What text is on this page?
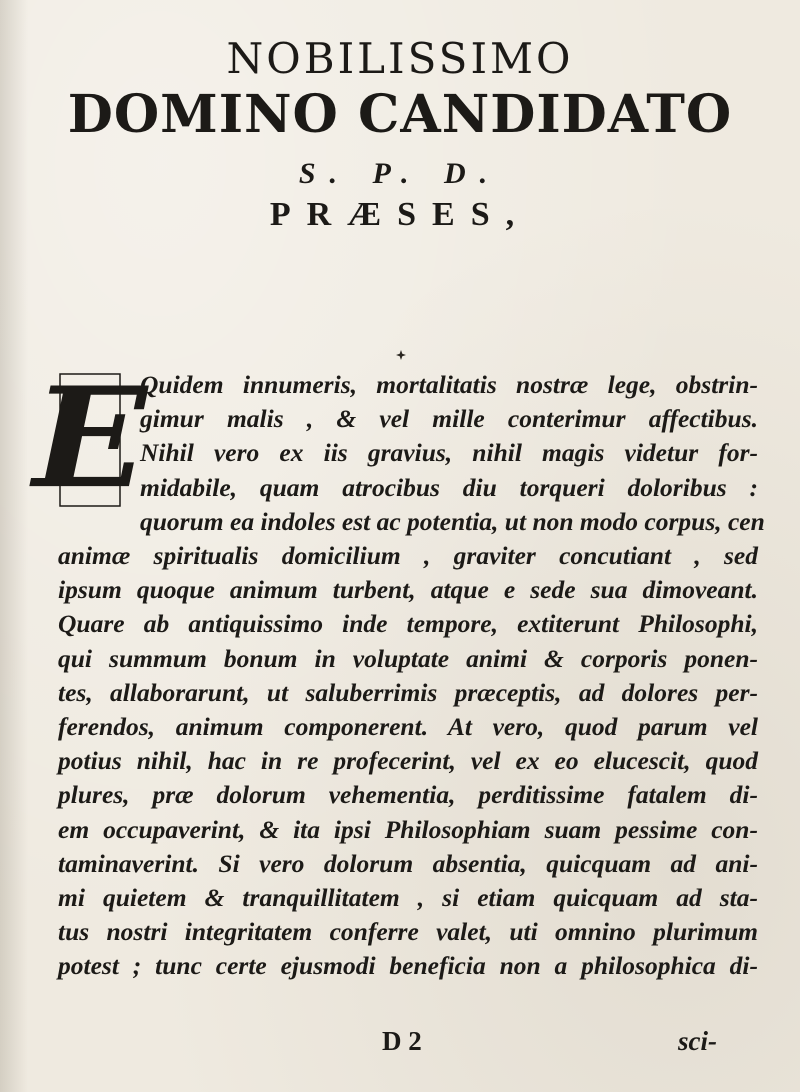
NOBILISSIMO
DOMINO CANDIDATO
S. P. D.
PRÆSES,
E
Quidem innumeris, mortalitatis nostræ lege, obstrin-
gimur malis , & vel mille conterimur affectibus.
Nihil vero ex iis gravius, nihil magis videtur for-
midabile, quam atrocibus diu torqueri doloribus :
quorum ea indoles est ac potentia, ut non modo corpus, cen
animæ spiritualis domicilium , graviter concutiant , sed
ipsum quoque animum turbent, atque e sede sua dimoveant.
Quare ab antiquissimo inde tempore, extiterunt Philosophi,
qui summum bonum in voluptate animi & corporis ponen-
tes, allaborarunt, ut saluberrimis præceptis, ad dolores per-
ferendos, animum componerent. At vero, quod parum vel
potius nihil, hac in re profecerint, vel ex eo elucescit, quod
plures, præ dolorum vehementia, perditissime fatalem di-
em occupaverint, & ita ipsi Philosophiam suam pessime con-
taminaverint. Si vero dolorum absentia, quicquam ad ani-
mi quietem & tranquillitatem , si etiam quicquam ad sta-
tus nostri integritatem conferre valet, uti omnino plurimum
potest ; tunc certe ejusmodi beneficia non a philosophica di-
D 2	sci-
